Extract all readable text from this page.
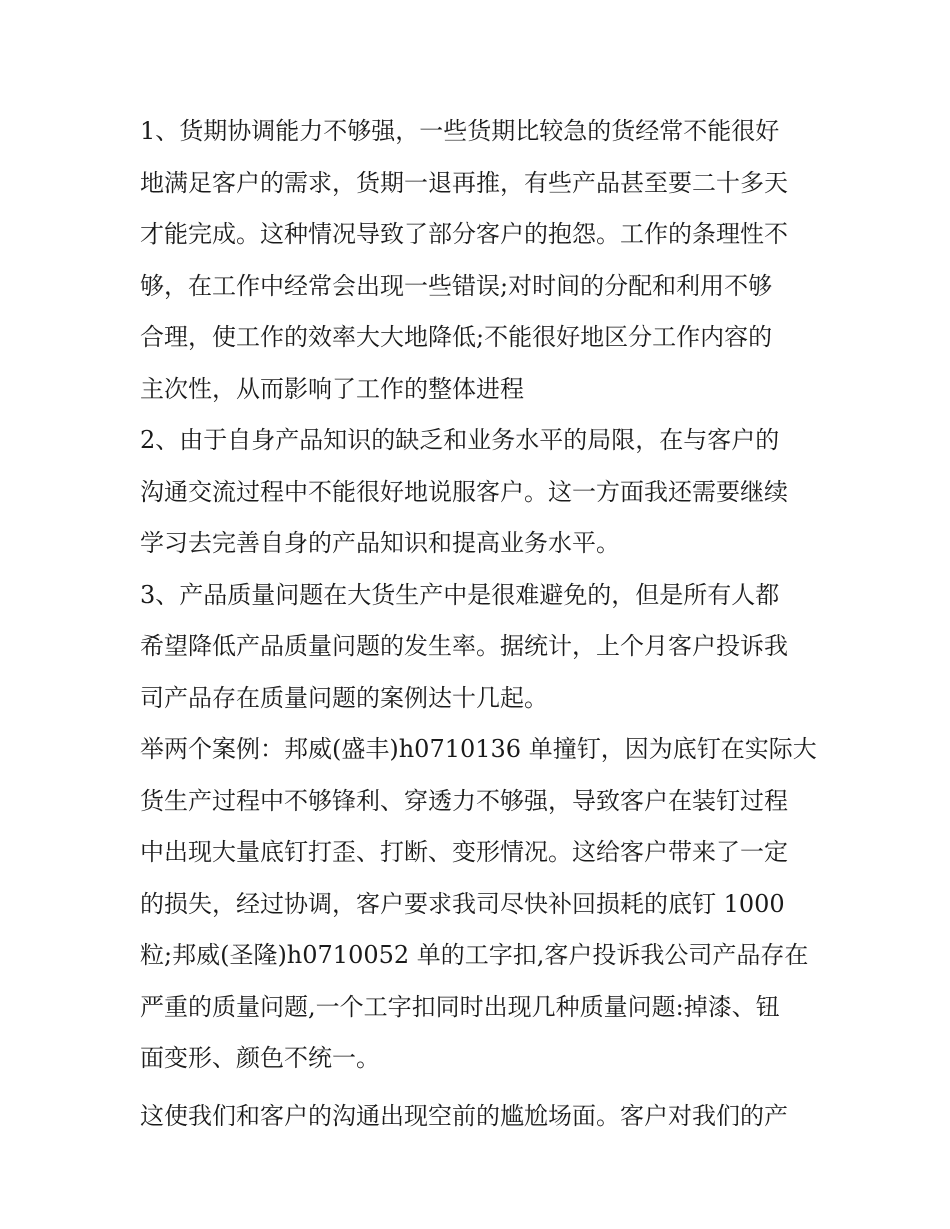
1、货期协调能力不够强，一些货期比较急的货经常不能很好
地满足客户的需求，货期一退再推，有些产品甚至要二十多天
才能完成。这种情况导致了部分客户的抱怨。工作的条理性不
够，在工作中经常会出现一些错误;对时间的分配和利用不够
合理，使工作的效率大大地降低;不能很好地区分工作内容的
主次性，从而影响了工作的整体进程
2、由于自身产品知识的缺乏和业务水平的局限，在与客户的
沟通交流过程中不能很好地说服客户。这一方面我还需要继续
学习去完善自身的产品知识和提高业务水平。
3、产品质量问题在大货生产中是很难避免的，但是所有人都
希望降低产品质量问题的发生率。据统计，上个月客户投诉我
司产品存在质量问题的案例达十几起。
举两个案例：邦威(盛丰)h0710136 单撞钉，因为底钉在实际大
货生产过程中不够锋利、穿透力不够强，导致客户在装钉过程
中出现大量底钉打歪、打断、变形情况。这给客户带来了一定
的损失，经过协调，客户要求我司尽快补回损耗的底钉 1000
粒;邦威(圣隆)h0710052 单的工字扣,客户投诉我公司产品存在
严重的质量问题,一个工字扣同时出现几种质量问题:掉漆、钮
面变形、颜色不统一。
这使我们和客户的沟通出现空前的尴尬场面。客户对我们的产
